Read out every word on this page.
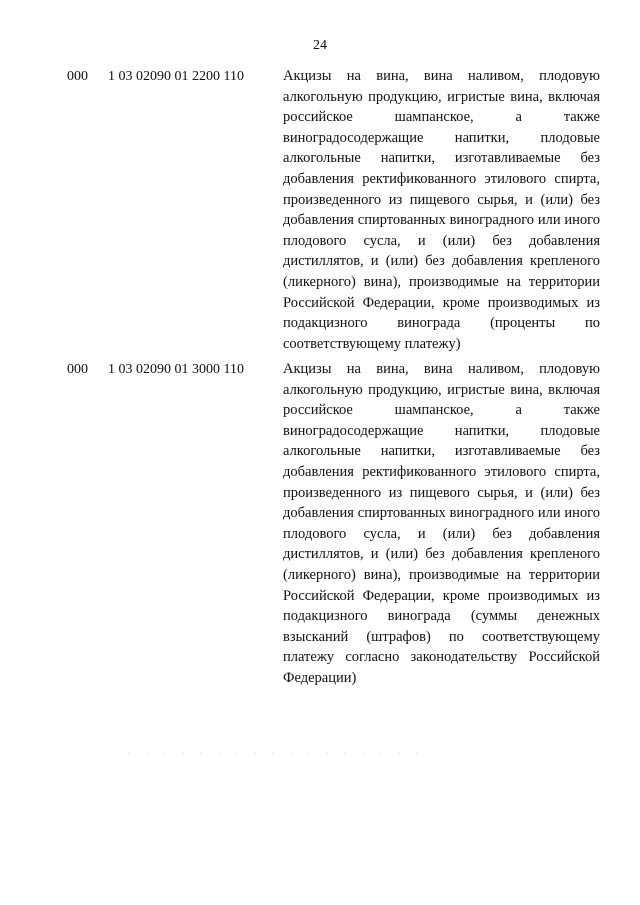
24
000 1 03 02090 01 2200 110	Акцизы на вина, вина наливом, плодовую алкогольную продукцию, игристые вина, включая российское шампанское, а также виноградосодержащие напитки, плодовые алкогольные напитки, изготавливаемые без добавления ректификованного этилового спирта, произведенного из пищевого сырья, и (или) без добавления спиртованных виноградного или иного плодового сусла, и (или) без добавления дистиллятов, и (или) без добавления крепленого (ликерного) вина), производимые на территории Российской Федерации, кроме производимых из подакцизного винограда (проценты по соответствующему платежу)
000 1 03 02090 01 3000 110	Акцизы на вина, вина наливом, плодовую алкогольную продукцию, игристые вина, включая российское шампанское, а также виноградосодержащие напитки, плодовые алкогольные напитки, изготавливаемые без добавления ректификованного этилового спирта, произведенного из пищевого сырья, и (или) без добавления спиртованных виноградного или иного плодового сусла, и (или) без добавления дистиллятов, и (или) без добавления крепленого (ликерного) вина), производимые на территории Российской Федерации, кроме производимых из подакцизного винограда (суммы денежных взысканий (штрафов) по соответствующему платежу согласно законодательству Российской Федерации)
